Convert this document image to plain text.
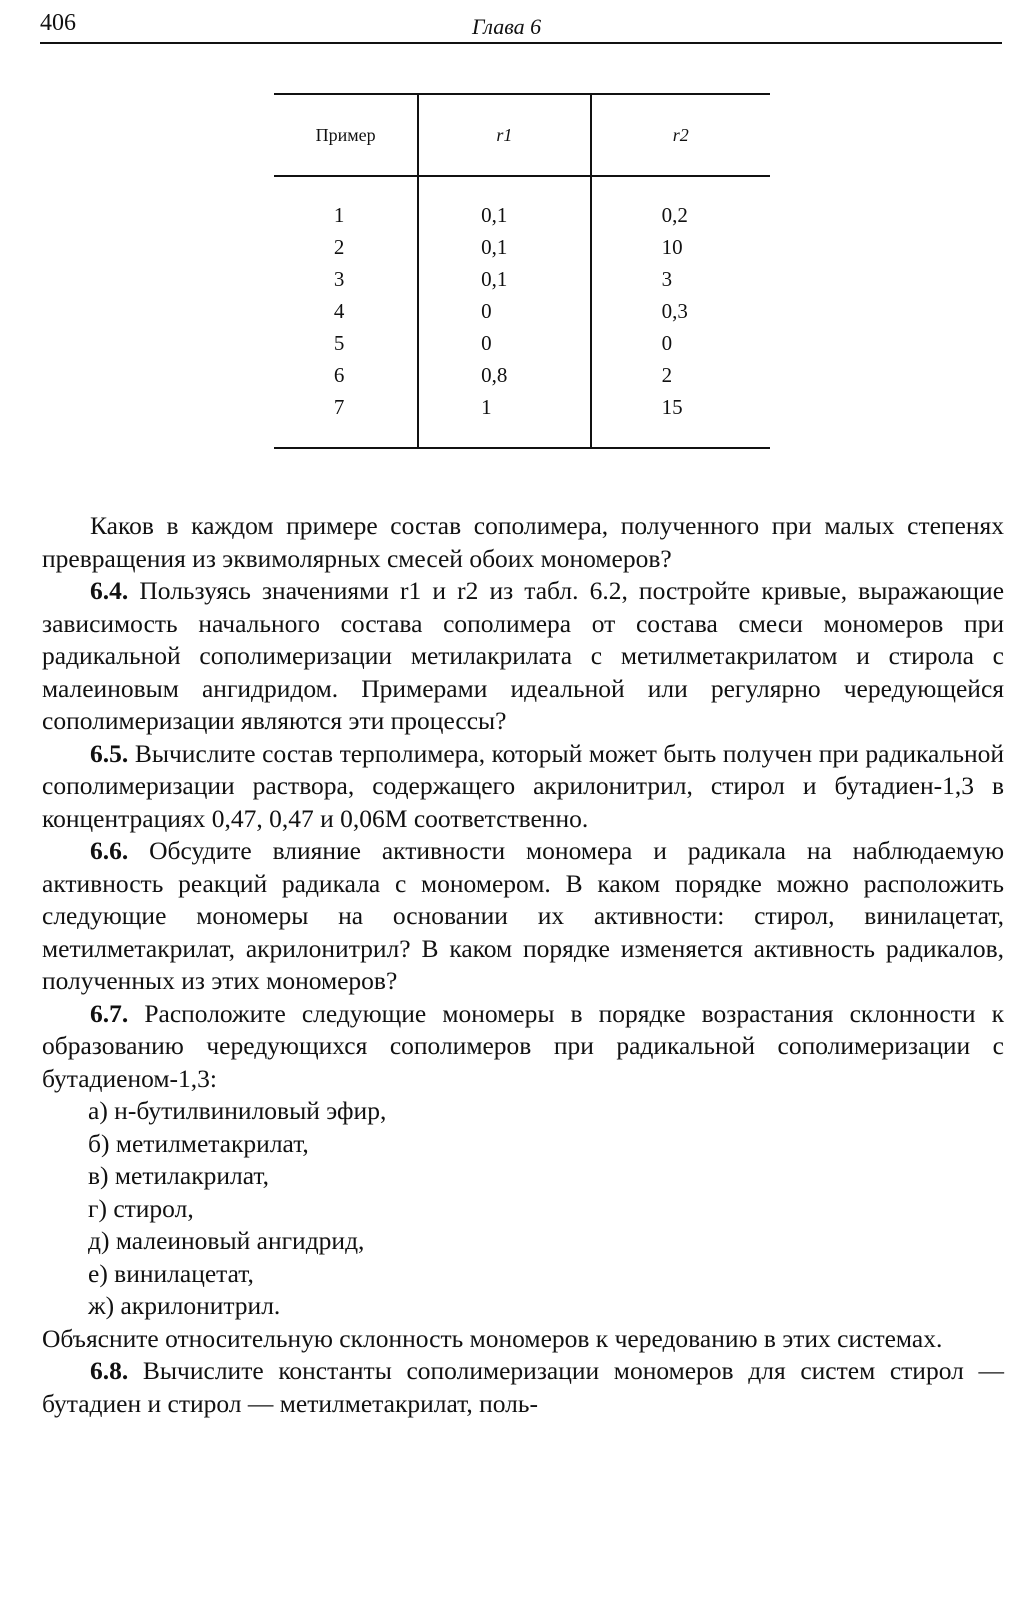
406	Глава 6
Пример	r1	r2
1	0,1	0,2
2	0,1	10
3	0,1	3
4	0	0,3
5	0	0
6	0,8	2
7	1	15

Каков в каждом примере состав сополимера, полученного при малых степенях превращения из эквимолярных смесей обоих мономеров?

6.4. Пользуясь значениями r1 и r2 из табл. 6.2, постройте кривые, выражающие зависимость начального состава сополимера от состава смеси мономеров при радикальной сополимеризации метилакрилата с метилметакрилатом и стирола с малеиновым ангидридом. Примерами идеальной или регулярно чередующейся сополимеризации являются эти процессы?

6.5. Вычислите состав терполимера, который может быть получен при радикальной сополимеризации раствора, содержащего акрилонитрил, стирол и бутадиен-1,3 в концентрациях 0,47, 0,47 и 0,06M соответственно.

6.6. Обсудите влияние активности мономера и радикала на наблюдаемую активность реакций радикала с мономером. В каком порядке можно расположить следующие мономеры на основании их активности: стирол, винилацетат, метилметакрилат, акрилонитрил? В каком порядке изменяется активность радикалов, полученных из этих мономеров?

6.7. Расположите следующие мономеры в порядке возрастания склонности к образованию чередующихся сополимеров при радикальной сополимеризации с бутадиеном-1,3:

а) н-бутилвиниловый эфир,

б) метилметакрилат,

в) метилакрилат,

г) стирол,

д) малеиновый ангидрид,

е) винилацетат,

ж) акрилонитрил.

Объясните относительную склонность мономеров к чередованию в этих системах.

6.8. Вычислите константы сополимеризации мономеров для систем стирол — бутадиен и стирол — метилметакрилат, поль-
